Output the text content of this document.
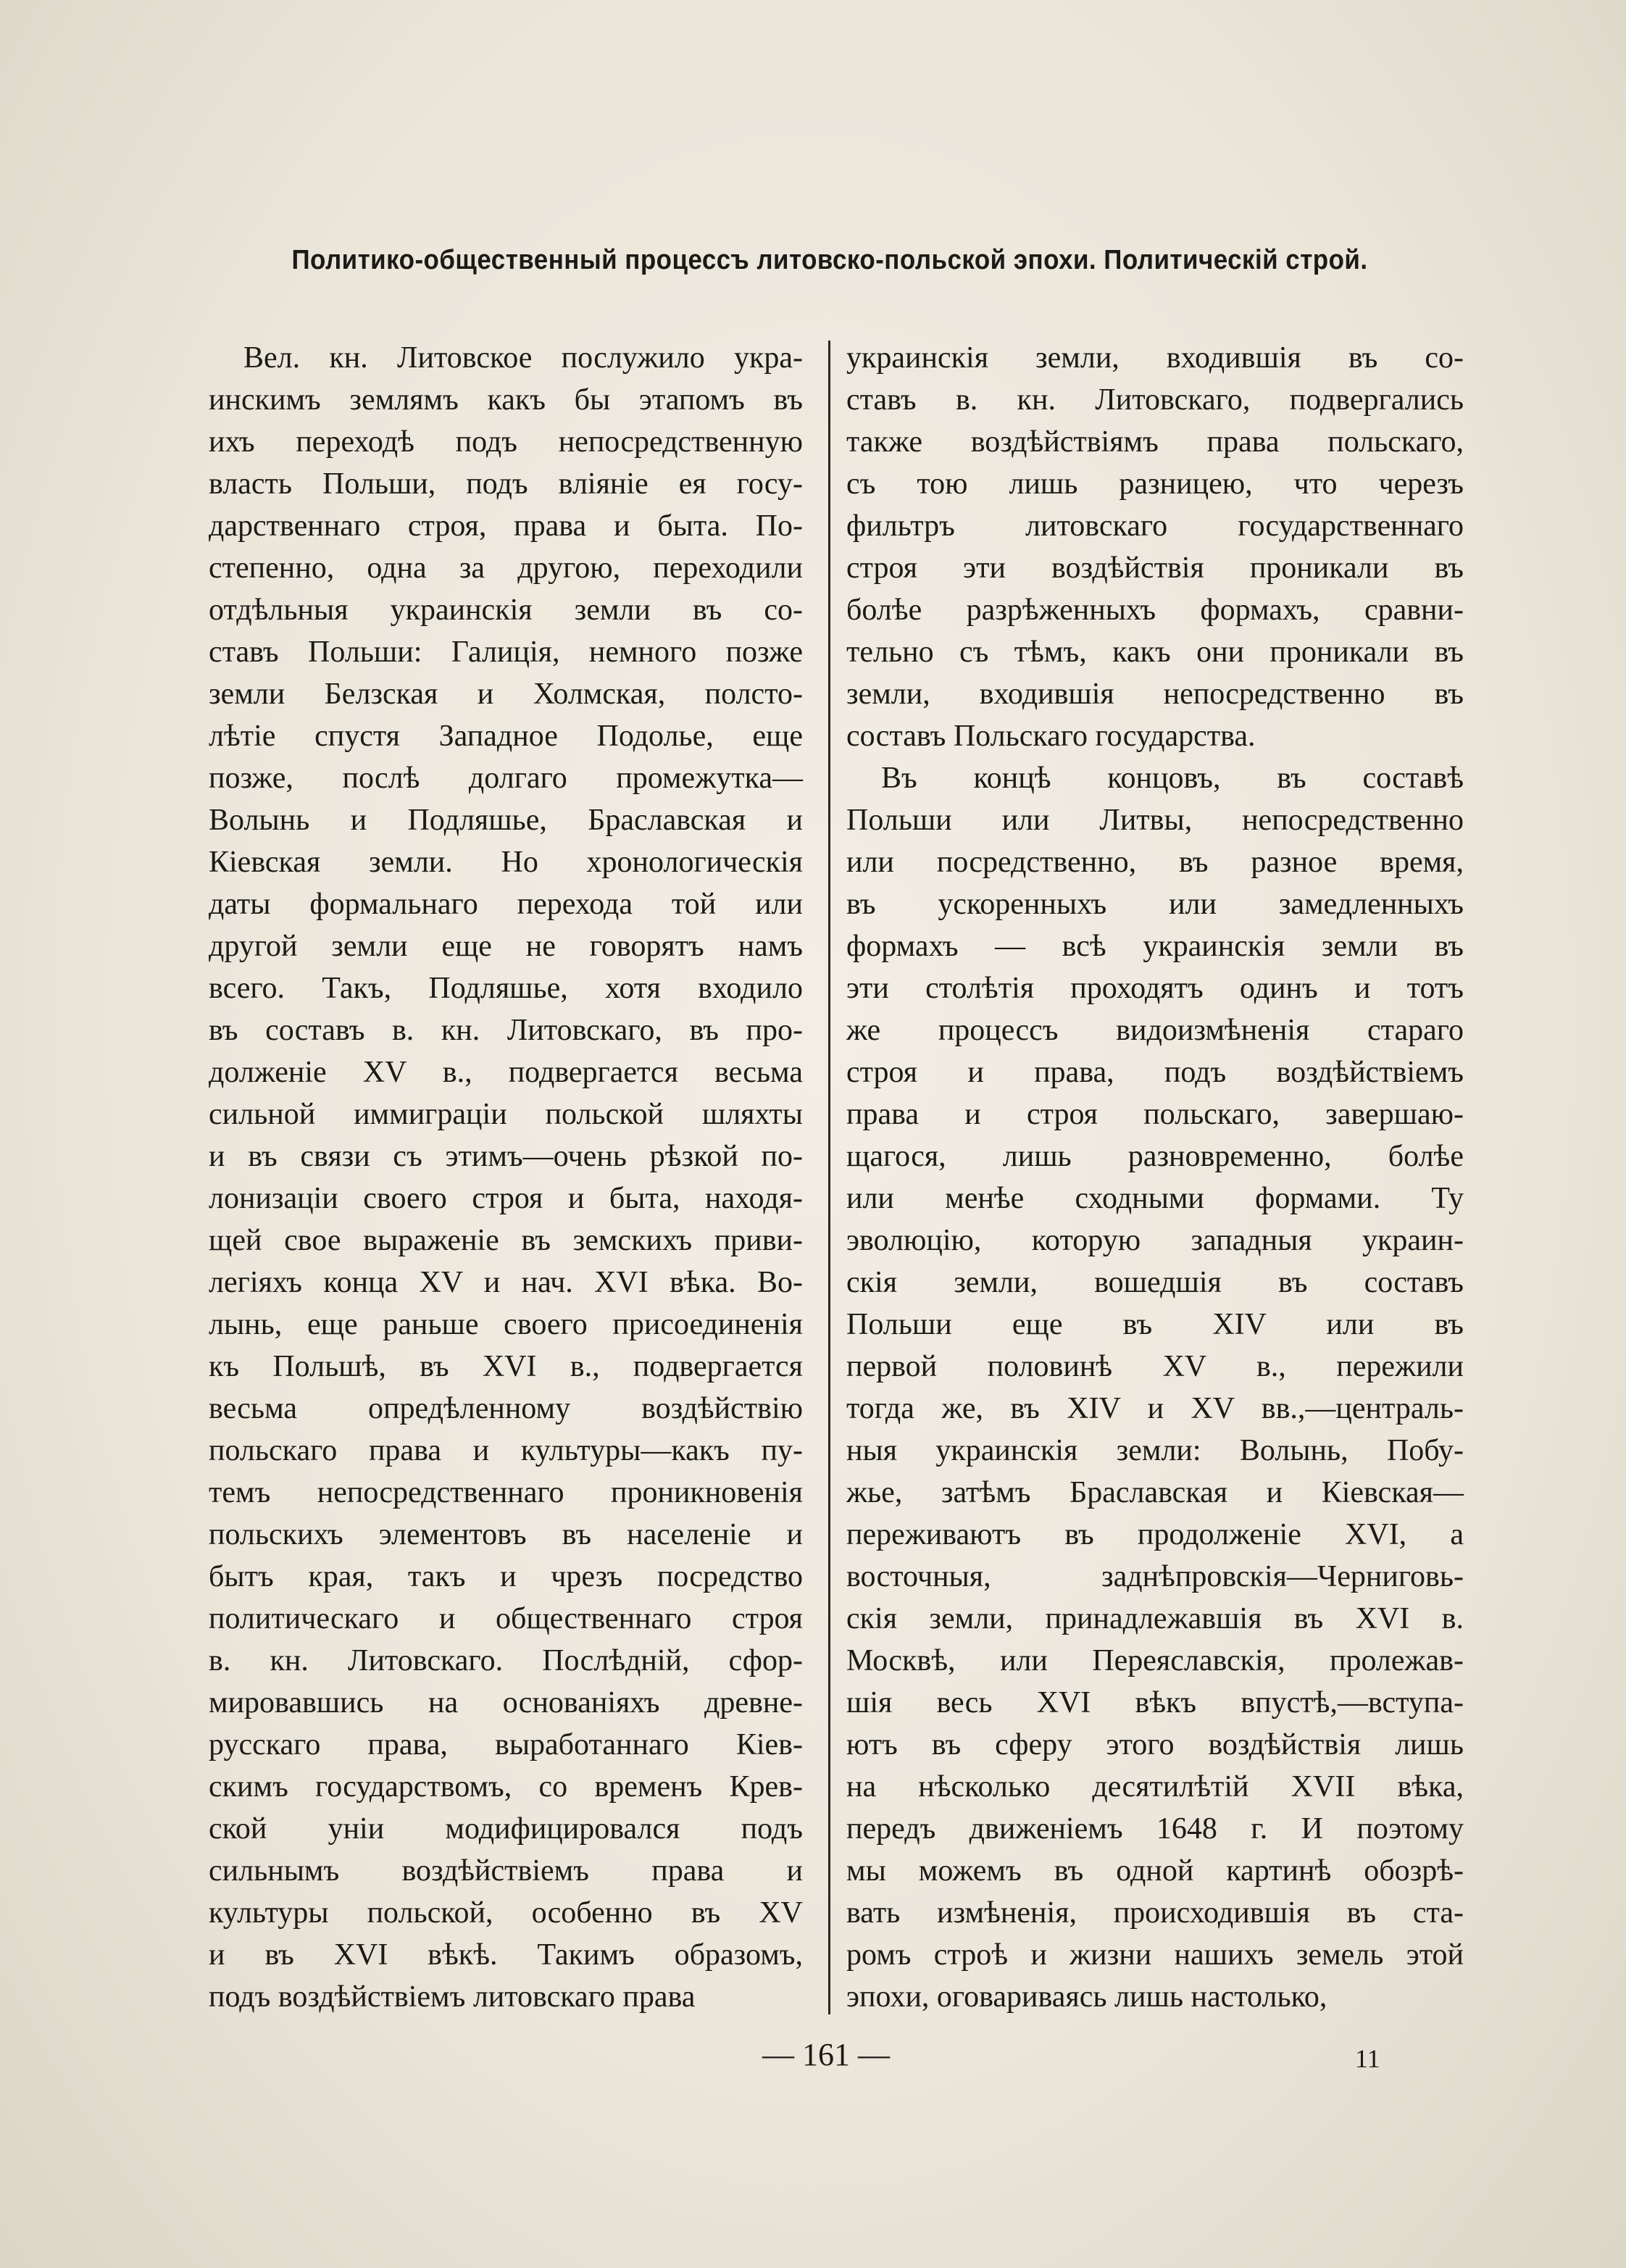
Политико-общественный процессъ литовско-польской эпохи. Политическій строй.
Вел. кн. Литовское послужило укра-
инскимъ землямъ какъ бы этапомъ въ
ихъ переходѣ подъ непосредственную
власть Польши, подъ вліяніе ея госу-
дарственнаго строя, права и быта. По-
степенно, одна за другою, переходили
отдѣльныя украинскія земли въ со-
ставъ Польши: Галиція, немного позже
земли Белзская и Холмская, полсто-
лѣтіе спустя Западное Подолье, еще
позже, послѣ долгаго промежутка—
Волынь и Подляшье, Браславская и
Кіевская земли. Но хронологическія
даты формальнаго перехода той или
другой земли еще не говорятъ намъ
всего. Такъ, Подляшье, хотя входило
въ составъ в. кн. Литовскаго, въ про-
долженіе XV в., подвергается весьма
сильной иммиграціи польской шляхты
и въ связи съ этимъ—очень рѣзкой по-
лонизаціи своего строя и быта, находя-
щей свое выраженіе въ земскихъ приви-
легіяхъ конца XV и нач. XVI вѣка. Во-
лынь, еще раньше своего присоединенія
къ Польшѣ, въ XVI в., подвергается
весьма опредѣленному воздѣйствію
польскаго права и культуры—какъ пу-
темъ непосредственнаго проникновенія
польскихъ элементовъ въ населеніе и
бытъ края, такъ и чрезъ посредство
политическаго и общественнаго строя
в. кн. Литовскаго. Послѣдній, сфор-
мировавшись на основаніяхъ древне-
русскаго права, выработаннаго Кіев-
скимъ государствомъ, со временъ Крев-
ской уніи модифицировался подъ
сильнымъ воздѣйствіемъ права и
культуры польской, особенно въ XV
и въ XVI вѣкѣ. Такимъ образомъ,
подъ воздѣйствіемъ литовскаго права
украинскія земли, входившія въ со-
ставъ в. кн. Литовскаго, подвергались
также воздѣйствіямъ права польскаго,
съ тою лишь разницею, что черезъ
фильтръ литовскаго государственнаго
строя эти воздѣйствія проникали въ
болѣе разрѣженныхъ формахъ, сравни-
тельно съ тѣмъ, какъ они проникали въ
земли, входившія непосредственно въ
составъ Польскаго государства.
Въ концѣ концовъ, въ составѣ
Польши или Литвы, непосредственно
или посредственно, въ разное время,
въ ускоренныхъ или замедленныхъ
формахъ — всѣ украинскія земли въ
эти столѣтія проходятъ одинъ и тотъ
же процессъ видоизмѣненія стараго
строя и права, подъ воздѣйствіемъ
права и строя польскаго, завершаю-
щагося, лишь разновременно, болѣе
или менѣе сходными формами. Ту
эволюцію, которую западныя украин-
скія земли, вошедшія въ составъ
Польши еще въ XIV или въ
первой половинѣ XV в., пережили
тогда же, въ XIV и XV вв.,—централь-
ныя украинскія земли: Волынь, Побу-
жье, затѣмъ Браславская и Кіевская—
переживаютъ въ продолженіе XVI, а
восточныя, заднѣпровскія—Черниговь-
скія земли, принадлежавшія въ XVI в.
Москвѣ, или Переяславскія, пролежав-
шія весь XVI вѣкъ впустѣ,—вступа-
ютъ въ сферу этого воздѣйствія лишь
на нѣсколько десятилѣтій XVII вѣка,
передъ движеніемъ 1648 г. И поэтому
мы можемъ въ одной картинѣ обозрѣ-
вать измѣненія, происходившія въ ста-
ромъ строѣ и жизни нашихъ земель этой
эпохи, оговариваясь лишь настолько,
— 161 —	11
